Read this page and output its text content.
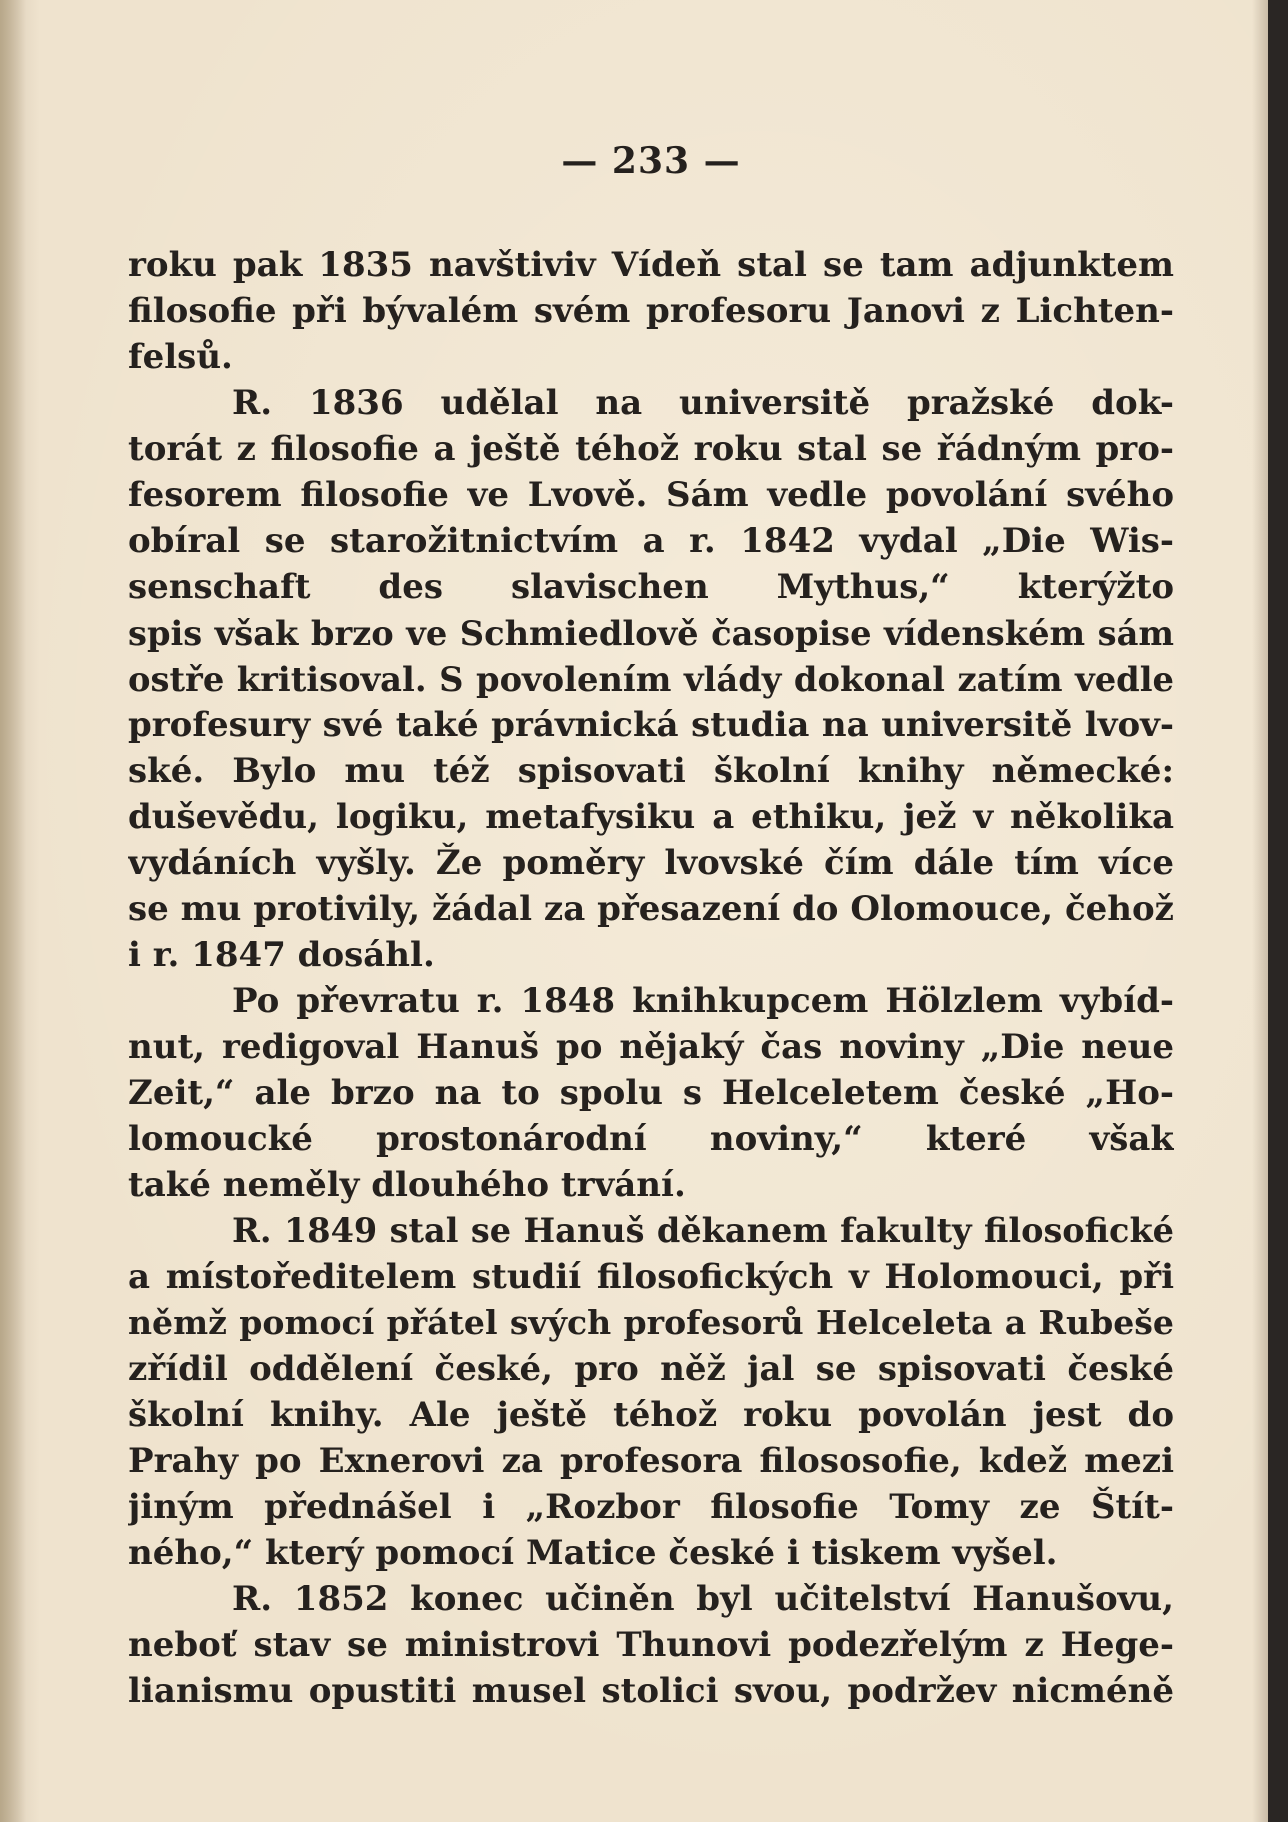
— 233 —
roku pak 1835 navštiviv Vídeň stal se tam adjunktem
filosofie při bývalém svém profesoru Janovi z Lichten-
felsů.
R. 1836 udělal na universitě pražské dok-
torát z filosofie a ještě téhož roku stal se řádným pro-
fesorem filosofie ve Lvově. Sám vedle povolání svého
obíral se starožitnictvím a r. 1842 vydal „Die Wis-
senschaft des slavischen Mythus,“ kterýžto
spis však brzo ve Schmiedlově časopise vídenském sám
ostře kritisoval. S povolením vlády dokonal zatím vedle
profesury své také právnická studia na universitě lvov-
ské. Bylo mu též spisovati školní knihy německé:
duševědu, logiku, metafysiku a ethiku, jež v několika
vydáních vyšly. Že poměry lvovské čím dále tím více
se mu protivily, žádal za přesazení do Olomouce, čehož
i r. 1847 dosáhl.
Po převratu r. 1848 knihkupcem Hölzlem vybíd-
nut, redigoval Hanuš po nějaký čas noviny „Die neue
Zeit,“ ale brzo na to spolu s Helceletem české „Ho-
lomoucké prostonárodní noviny,“ které však
také neměly dlouhého trvání.
R. 1849 stal se Hanuš děkanem fakulty filosofické
a místoředitelem studií filosofických v Holomouci, při
němž pomocí přátel svých profesorů Helceleta a Rubeše
zřídil oddělení české, pro něž jal se spisovati české
školní knihy. Ale ještě téhož roku povolán jest do
Prahy po Exnerovi za profesora filososofie, kdež mezi
jiným přednášel i „Rozbor filosofie Tomy ze Štít-
ného,“ který pomocí Matice české i tiskem vyšel.
R. 1852 konec učiněn byl učitelství Hanušovu,
neboť stav se ministrovi Thunovi podezřelým z Hege-
lianismu opustiti musel stolici svou, podržev nicméně
